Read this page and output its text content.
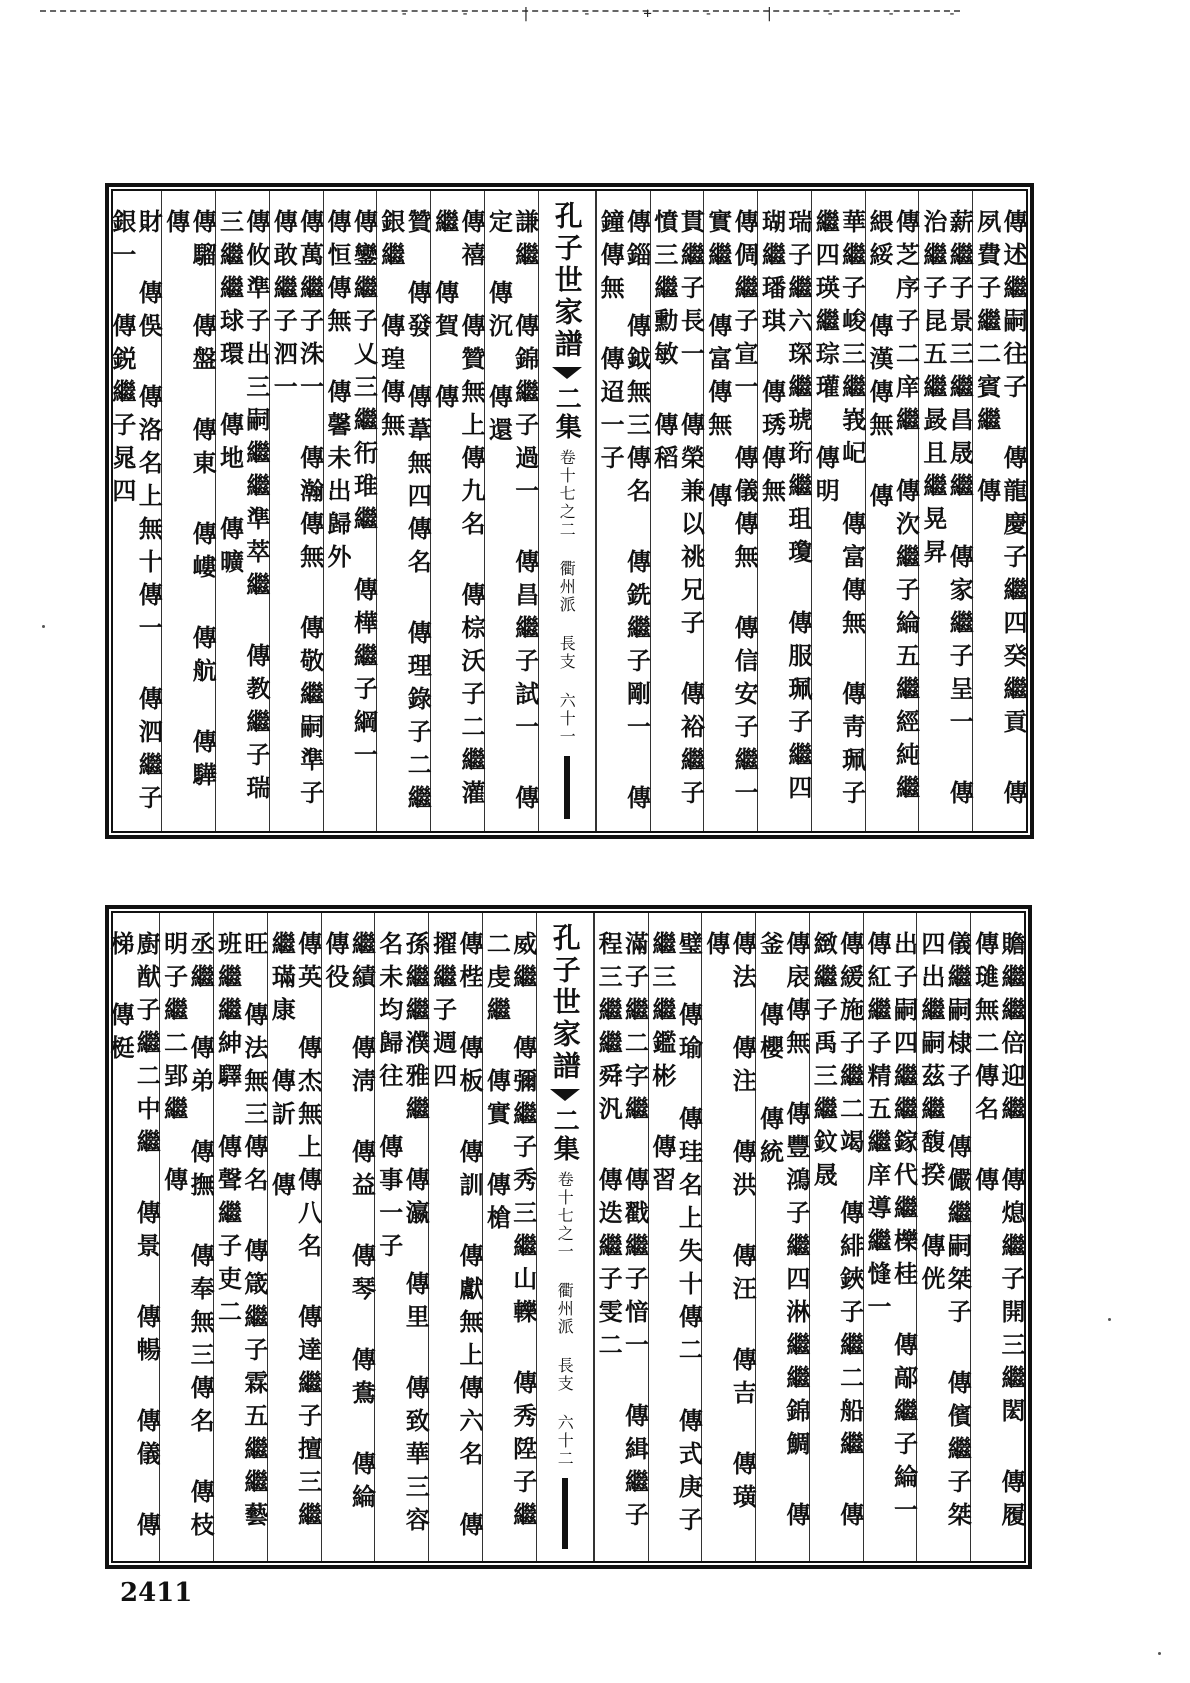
- - | - + - | - - -
傳述繼嗣往子 傳龍慶子繼四癸繼貢 傳夙費子繼二賓繼 傳
薪繼子景三繼昌晟繼 傳家繼子呈一 傳治繼子昆五繼晸且繼晃昇
傳芝序子二庠繼 傳㳄繼子綸五繼經純繼䋿綏 傳漢傳無 傳
華繼子峻三繼峩屺 傳富傳無 傳靑珮子繼四瑛繼琮瓘 傳明
瑞子繼六琛繼琥珩繼珇瓊 傳服珮子繼四瑚繼璠琪 傳琇傳無
傳倜繼子宣一 傳儀傳無 傳信安子繼一實繼 傳富傳無 傳
貫繼子長一 傳榮兼以祧兄子 傳裕繼子憤三繼勳敏 傳稻
傳錙 傳鉞無三傳名 傳銑繼子剛一 傳鐘傳無 傳迢一子
孔子世家譜
二集
卷十七之二 衢州派 長支 六十一
謙繼 傳錦繼子過一 傳昌繼子試一 傳定 傳沉 傳還
傳禧 傳贊無上傳九名 傳棕沃子二繼灌繼 傳賀 傳
贊 傳發 傳葦無四傳名 傳理錄子二繼銀繼 傳瑝傳無
傳鑾繼子乂三繼衎琟繼 傳樺繼子綱一 傳恒傳無 傳馨未出歸外
傳萬繼子洙一 傳瀚傳無 傳敬繼嗣準子 傳敢繼子泗一
傳攸準子出三嗣繼繼準萃繼 傳教繼子瑞三繼繼球環 傳地 傳曠
傳騮 傳盤 傳東 傳嶁 傳航 傳驊 傳
財 傳俁 傳洛名上無十傳一 傳泗繼子銀一 傳鋭繼子晁四
贍繼繼倍迎繼 傳熄繼子開三繼閎 傳履 傳璡無二傳名 傳
儀繼嗣棣子 傳儼繼嗣桀子 傳儐繼子桀四出繼嗣茲繼馥揆 傳侊
出子嗣四繼繼鎵代繼櫟桂 傳鄗繼子綸一 傳紅繼子精五繼庠導繼㦀一
傳緩施子繼二竭 傳緋鋏子繼二船繼 傳緻繼子禹三繼鈫晟
傳扆傳無 傳豐鴻子繼四淋繼繼錦鯛 傳釜 傳櫻 傳統
傳法 傳注 傳洪 傳汪 傳吉 傳璜 傳
璧 傳瑜 傳珪名上失十傳二 傳式庚子繼三繼鑑彬 傳習
滿子繼二字繼 傳戳繼子愔一 傳緝繼子程三繼繼舜汎 傳迭繼子雯二
孔子世家譜
二集
卷十七之一 衢州派 長支 六十二
威繼 傳彌繼子秀三繼山轢 傳秀陞子繼二虔繼 傳實 傳槍
傳梐 傳板 傳訓 傳獻無上傳六名 傳擢繼子週四
孫繼繼濮雅繼 傳瀛 傳里 傳致華三容名未均歸往 傳事一子
繼績 傳淸 傳益 傳琴 傳鴦 傳綸 傳役
傳英 傳杰無上傳八名 傳達繼子擅三繼繼璊康 傳訢 傳
旺 傳法無三傳名 傳箴繼子霖五繼繼藝班繼繼紳驛 傳聲繼子吏二
丞繼 傳弟 傳撫 傳奉無三傳名 傳枝明子繼二郢繼 傳
廚猷子繼二中繼 傳景 傳暢 傳儀 傳梯 傳梃
2411
